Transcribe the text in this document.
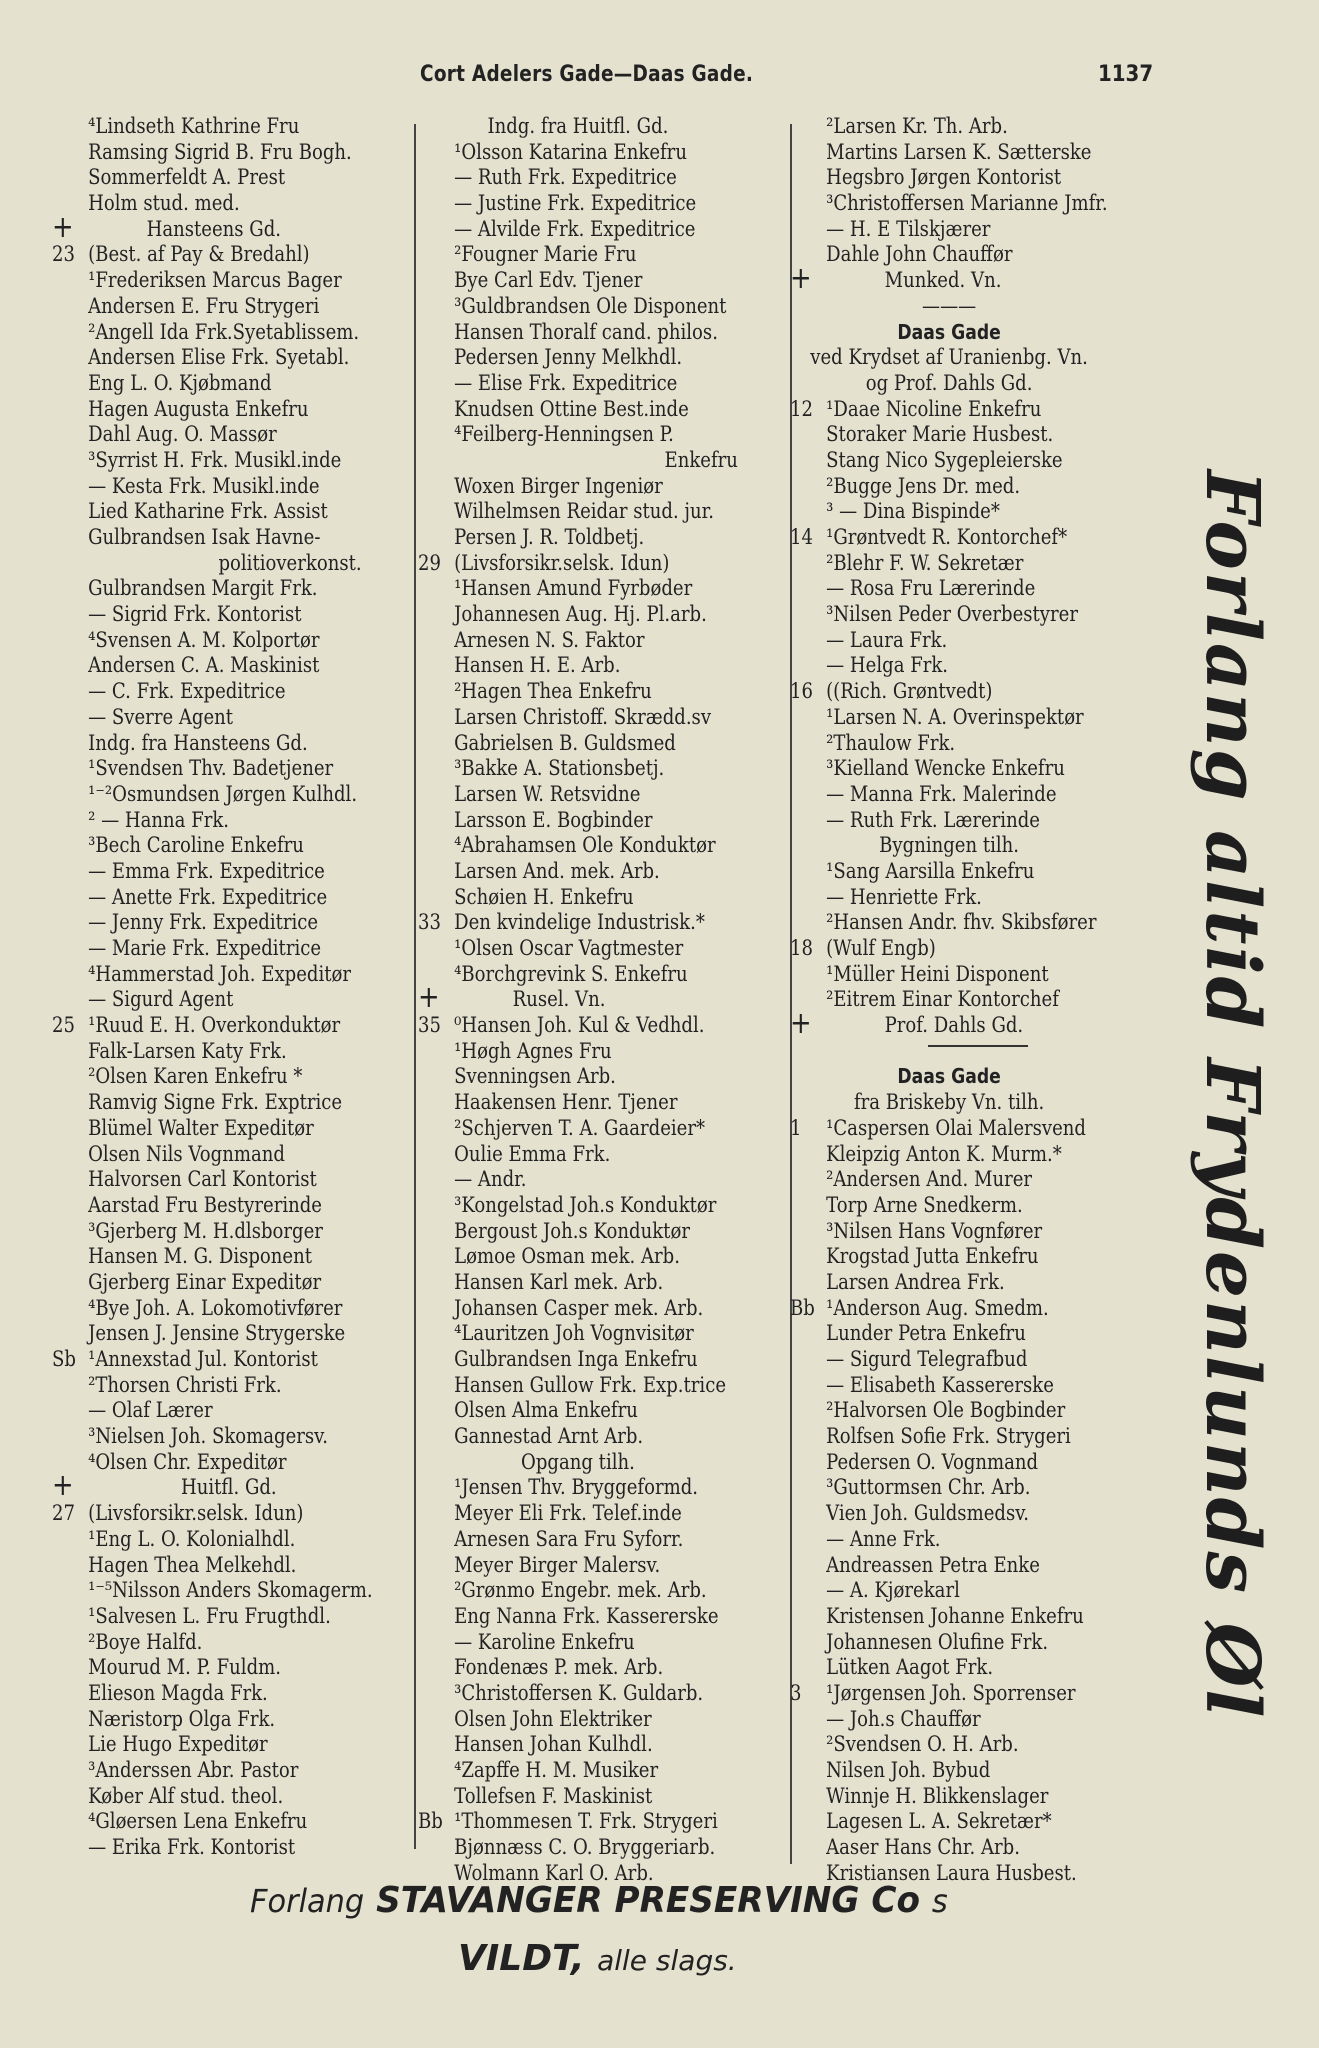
Cort Adelers Gade—Daas Gade.	1137
⁴Lindseth Kathrine Fru
Ramsing Sigrid B. Fru Bogh.
Sommerfeldt A. Prest
Holm stud. med.
+	Hansteens Gd.
23 (Best. af Pay & Bredahl)
¹Frederiksen Marcus Bager
Andersen E. Fru Strygeri
²Angell Ida Frk.Syetablissem.
Andersen Elise Frk. Syetabl.
Eng L. O. Kjøbmand
Hagen Augusta Enkefru
Dahl Aug. O. Massør
³Syrrist H. Frk. Musikl.inde
— Kesta Frk. Musikl.inde
Lied Katharine Frk. Assist
Gulbrandsen Isak Havne-
politioverkonst.
Gulbrandsen Margit Frk.
— Sigrid Frk. Kontorist
⁴Svensen A. M. Kolportør
Andersen C. A. Maskinist
— C. Frk. Expeditrice
— Sverre Agent
Indg. fra Hansteens Gd.
¹Svendsen Thv. Badetjener
¹⁻²Osmundsen Jørgen Kulhdl.
² — Hanna Frk.
³Bech Caroline Enkefru
— Emma Frk. Expeditrice
— Anette Frk. Expeditrice
— Jenny Frk. Expeditrice
— Marie Frk. Expeditrice
⁴Hammerstad Joh. Expeditør
— Sigurd Agent
25 ¹Ruud E. H. Overkonduktør
Falk-Larsen Katy Frk.
²Olsen Karen Enkefru *
Ramvig Signe Frk. Exptrice
Blümel Walter Expeditør
Olsen Nils Vognmand
Halvorsen Carl Kontorist
Aarstad Fru Bestyrerinde
³Gjerberg M. H.dlsborger
Hansen M. G. Disponent
Gjerberg Einar Expeditør
⁴Bye Joh. A. Lokomotivfører
Jensen J. Jensine Strygerske
Sb ¹Annexstad Jul. Kontorist
²Thorsen Christi Frk.
— Olaf Lærer
³Nielsen Joh. Skomagersv.
⁴Olsen Chr. Expeditør
+	Huitfl. Gd.
27 (Livsforsikr.selsk. Idun)
¹Eng L. O. Kolonialhdl.
Hagen Thea Melkehdl.
¹⁻⁵Nilsson Anders Skomagerm.
¹Salvesen L. Fru Frugthdl.
²Boye Halfd.
Mourud M. P. Fuldm.
Elieson Magda Frk.
Næristorp Olga Frk.
Lie Hugo Expeditør
³Anderssen Abr. Pastor
Køber Alf stud. theol.
⁴Gløersen Lena Enkefru
— Erika Frk. Kontorist
Indg. fra Huitfl. Gd.
¹Olsson Katarina Enkefru
— Ruth Frk. Expeditrice
— Justine Frk. Expeditrice
— Alvilde Frk. Expeditrice
²Fougner Marie Fru
Bye Carl Edv. Tjener
³Guldbrandsen Ole Disponent
Hansen Thoralf cand. philos.
Pedersen Jenny Melkhdl.
— Elise Frk. Expeditrice
Knudsen Ottine Best.inde
⁴Feilberg-Henningsen P.
Enkefru
Woxen Birger Ingeniør
Wilhelmsen Reidar stud. jur.
Persen J. R. Toldbetj.
29 (Livsforsikr.selsk. Idun)
¹Hansen Amund Fyrbøder
Johannesen Aug. Hj. Pl.arb.
Arnesen N. S. Faktor
Hansen H. E. Arb.
²Hagen Thea Enkefru
Larsen Christoff. Skrædd.sv
Gabrielsen B. Guldsmed
³Bakke A. Stationsbetj.
Larsen W. Retsvidne
Larsson E. Bogbinder
⁴Abrahamsen Ole Konduktør
Larsen And. mek. Arb.
Schøien H. Enkefru
33 Den kvindelige Industrisk.*
¹Olsen Oscar Vagtmester
⁴Borchgrevink S. Enkefru
+	Rusel. Vn.
35 ⁰Hansen Joh. Kul & Vedhdl.
¹Høgh Agnes Fru
Svenningsen Arb.
Haakensen Henr. Tjener
²Schjerven T. A. Gaardeier*
Oulie Emma Frk.
— Andr.
³Kongelstad Joh.s Konduktør
Bergoust Joh.s Konduktør
Lømoe Osman mek. Arb.
Hansen Karl mek. Arb.
Johansen Casper mek. Arb.
⁴Lauritzen Joh Vognvisitør
Gulbrandsen Inga Enkefru
Hansen Gullow Frk. Exp.trice
Olsen Alma Enkefru
Gannestad Arnt Arb.
Opgang tilh.
¹Jensen Thv. Bryggeformd.
Meyer Eli Frk. Telef.inde
Arnesen Sara Fru Syforr.
Meyer Birger Malersv.
²Grønmo Engebr. mek. Arb.
Eng Nanna Frk. Kassererske
— Karoline Enkefru
Fondenæs P. mek. Arb.
³Christoffersen K. Guldarb.
Olsen John Elektriker
Hansen Johan Kulhdl.
⁴Zapffe H. M. Musiker
Tollefsen F. Maskinist
Bb ¹Thommesen T. Frk. Strygeri
Bjønnæss C. O. Bryggeriarb.
Wolmann Karl O. Arb.
²Larsen Kr. Th. Arb.
Martins Larsen K. Sætterske
Hegsbro Jørgen Kontorist
³Christoffersen Marianne Jmfr.
— H. E Tilskjærer
Dahle John Chauffør
+	Munked. Vn.
———
Daas Gade
ved Krydset af Uranienbg. Vn.
og Prof. Dahls Gd.
12 ¹Daae Nicoline Enkefru
Storaker Marie Husbest.
Stang Nico Sygepleierske
²Bugge Jens Dr. med.
³ — Dina Bispinde*
14 ¹Grøntvedt R. Kontorchef*
²Blehr F. W. Sekretær
— Rosa Fru Lærerinde
³Nilsen Peder Overbestyrer
— Laura Frk.
— Helga Frk.
16 ((Rich. Grøntvedt)
¹Larsen N. A. Overinspektør
²Thaulow Frk.
³Kielland Wencke Enkefru
— Manna Frk. Malerinde
— Ruth Frk. Lærerinde
Bygningen tilh.
¹Sang Aarsilla Enkefru
— Henriette Frk.
²Hansen Andr. fhv. Skibsfører
18 (Wulf Engb)
¹Müller Heini Disponent
²Eitrem Einar Kontorchef
+	Prof. Dahls Gd.
Daas Gade
fra Briskeby Vn. tilh.
1	¹Caspersen Olai Malersvend
Kleipzig Anton K. Murm.*
²Andersen And. Murer
Torp Arne Snedkerm.
³Nilsen Hans Vognfører
Krogstad Jutta Enkefru
Larsen Andrea Frk.
Bb ¹Anderson Aug. Smedm.
Lunder Petra Enkefru
— Sigurd Telegrafbud
— Elisabeth Kassererske
²Halvorsen Ole Bogbinder
Rolfsen Sofie Frk. Strygeri
Pedersen O. Vognmand
³Guttormsen Chr. Arb.
Vien Joh. Guldsmedsv.
— Anne Frk.
Andreassen Petra Enke
— A. Kjørekarl
Kristensen Johanne Enkefru
Johannesen Olufine Frk.
Lütken Aagot Frk.
3	¹Jørgensen Joh. Sporrenser
— Joh.s Chauffør
²Svendsen O. H. Arb.
Nilsen Joh. Bybud
Winnje H. Blikkenslager
Lagesen L. A. Sekretær*
Aaser Hans Chr. Arb.
Kristiansen Laura Husbest.
Forlang altid Frydenlunds Øl
Forlang STAVANGER PRESERVING Co s
VILDT, alle slags.
